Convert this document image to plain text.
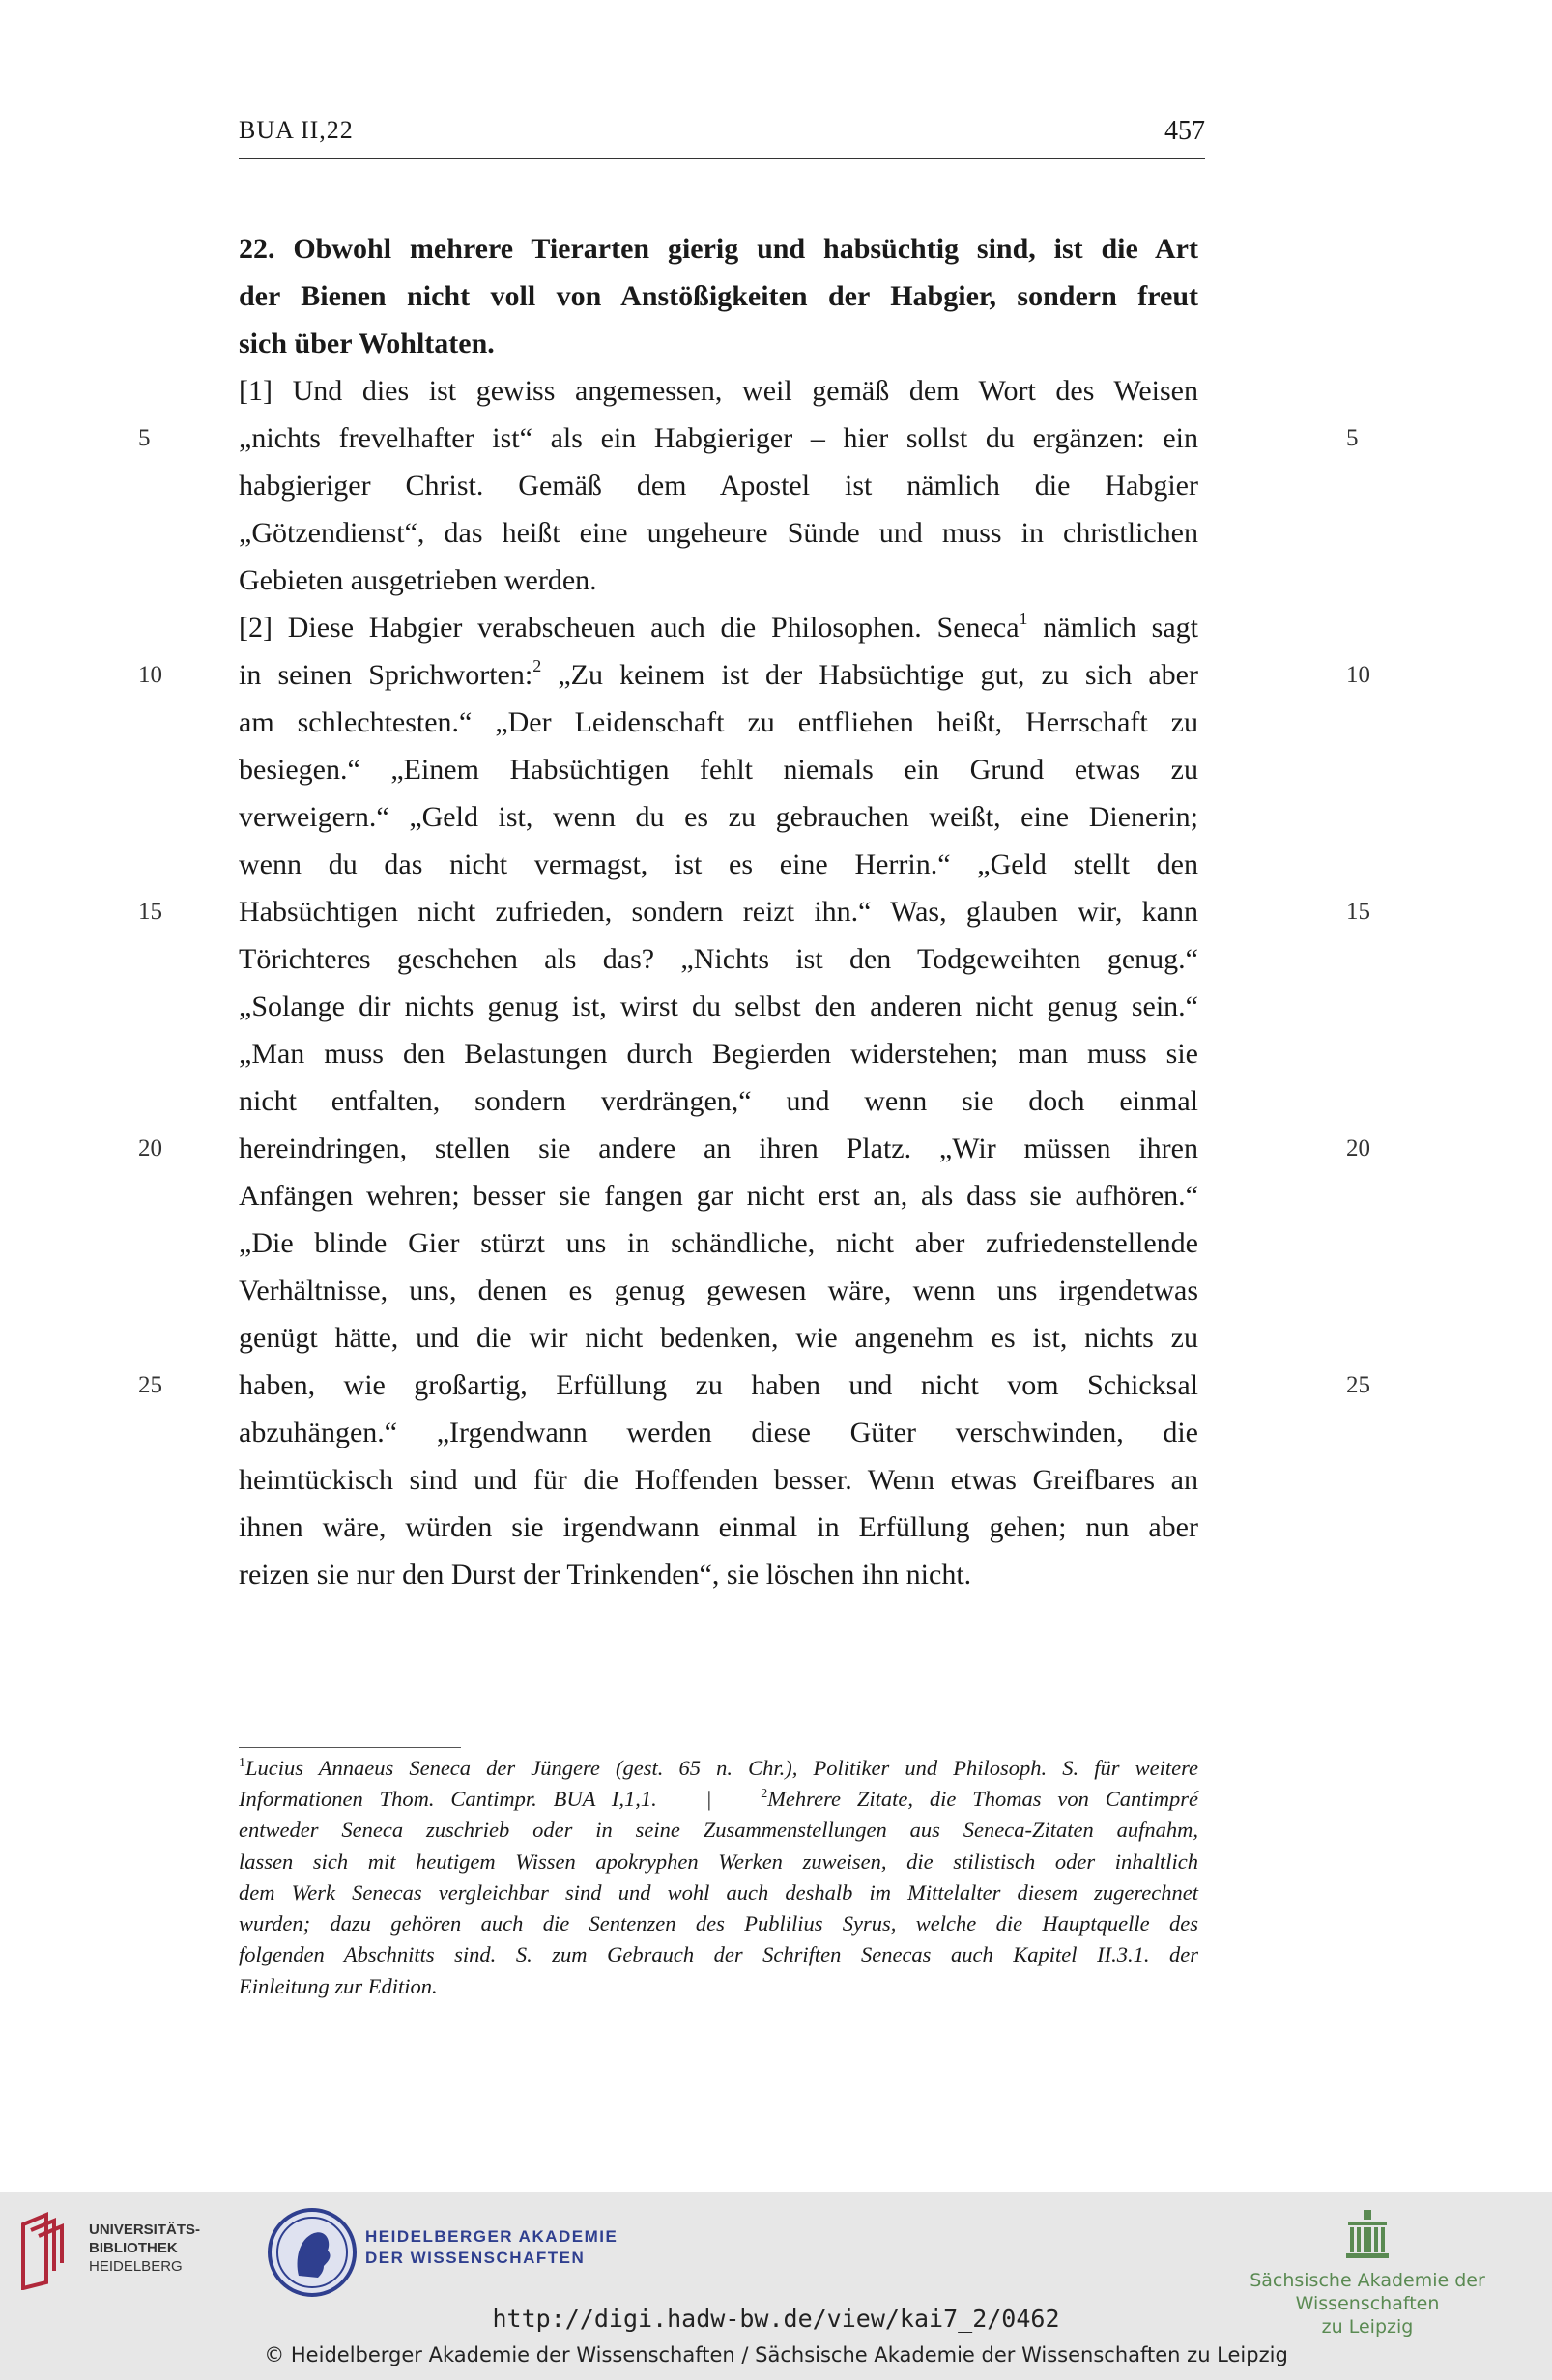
BUA II,22	457
22. Obwohl mehrere Tierarten gierig und habsüchtig sind, ist die Art
der Bienen nicht voll von Anstößigkeiten der Habgier, sondern freut
sich über Wohltaten.
[1] Und dies ist gewiss angemessen, weil gemäß dem Wort des Weisen
„nichts frevelhafter ist“ als ein Habgieriger – hier sollst du ergänzen: ein
habgieriger Christ. Gemäß dem Apostel ist nämlich die Habgier
„Götzendienst“, das heißt eine ungeheure Sünde und muss in christlichen
Gebieten ausgetrieben werden.
[2] Diese Habgier verabscheuen auch die Philosophen. Seneca$^1$ nämlich sagt
in seinen Sprichworten:$^2$ „Zu keinem ist der Habsüchtige gut, zu sich aber
am schlechtesten.“ „Der Leidenschaft zu entfliehen heißt, Herrschaft zu
besiegen.“ „Einem Habsüchtigen fehlt niemals ein Grund etwas zu
verweigern.“ „Geld ist, wenn du es zu gebrauchen weißt, eine Dienerin;
wenn du das nicht vermagst, ist es eine Herrin.“ „Geld stellt den
Habsüchtigen nicht zufrieden, sondern reizt ihn.“ Was, glauben wir, kann
Törichteres geschehen als das? „Nichts ist den Todgeweihten genug.“
„Solange dir nichts genug ist, wirst du selbst den anderen nicht genug sein.“
„Man muss den Belastungen durch Begierden widerstehen; man muss sie
nicht entfalten, sondern verdrängen,“ und wenn sie doch einmal
hereindringen, stellen sie andere an ihren Platz. „Wir müssen ihren
Anfängen wehren; besser sie fangen gar nicht erst an, als dass sie aufhören.“
„Die blinde Gier stürzt uns in schändliche, nicht aber zufriedenstellende
Verhältnisse, uns, denen es genug gewesen wäre, wenn uns irgendetwas
genügt hätte, und die wir nicht bedenken, wie angenehm es ist, nichts zu
haben, wie großartig, Erfüllung zu haben und nicht vom Schicksal
abzuhängen.“ „Irgendwann werden diese Güter verschwinden, die
heimtückisch sind und für die Hoffenden besser. Wenn etwas Greifbares an
ihnen wäre, würden sie irgendwann einmal in Erfüllung gehen; nun aber
reizen sie nur den Durst der Trinkenden“, sie löschen ihn nicht.
5	5
10	10
15	15
20	20
25	25
$^1$Lucius Annaeus Seneca der Jüngere (gest. 65 n. Chr.), Politiker und Philosoph. S. für weitere
Informationen Thom. Cantimpr. BUA I,1,1.   |   $^2$Mehrere Zitate, die Thomas von Cantimpré
entweder Seneca zuschrieb oder in seine Zusammenstellungen aus Seneca-Zitaten aufnahm,
lassen sich mit heutigem Wissen apokryphen Werken zuweisen, die stilistisch oder inhaltlich
dem Werk Senecas vergleichbar sind und wohl auch deshalb im Mittelalter diesem zugerechnet
wurden; dazu gehören auch die Sentenzen des Publilius Syrus, welche die Hauptquelle des
folgenden Abschnitts sind. S. zum Gebrauch der Schriften Senecas auch Kapitel II.3.1. der
Einleitung zur Edition.
UNIVERSITÄTS-
BIBLIOTHEK
HEIDELBERG
HEIDELBERGER AKADEMIE
DER WISSENSCHAFTEN
Sächsische Akademie der Wissenschaften
zu Leipzig
http://digi.hadw-bw.de/view/kai7_2/0462
© Heidelberger Akademie der Wissenschaften / Sächsische Akademie der Wissenschaften zu Leipzig
